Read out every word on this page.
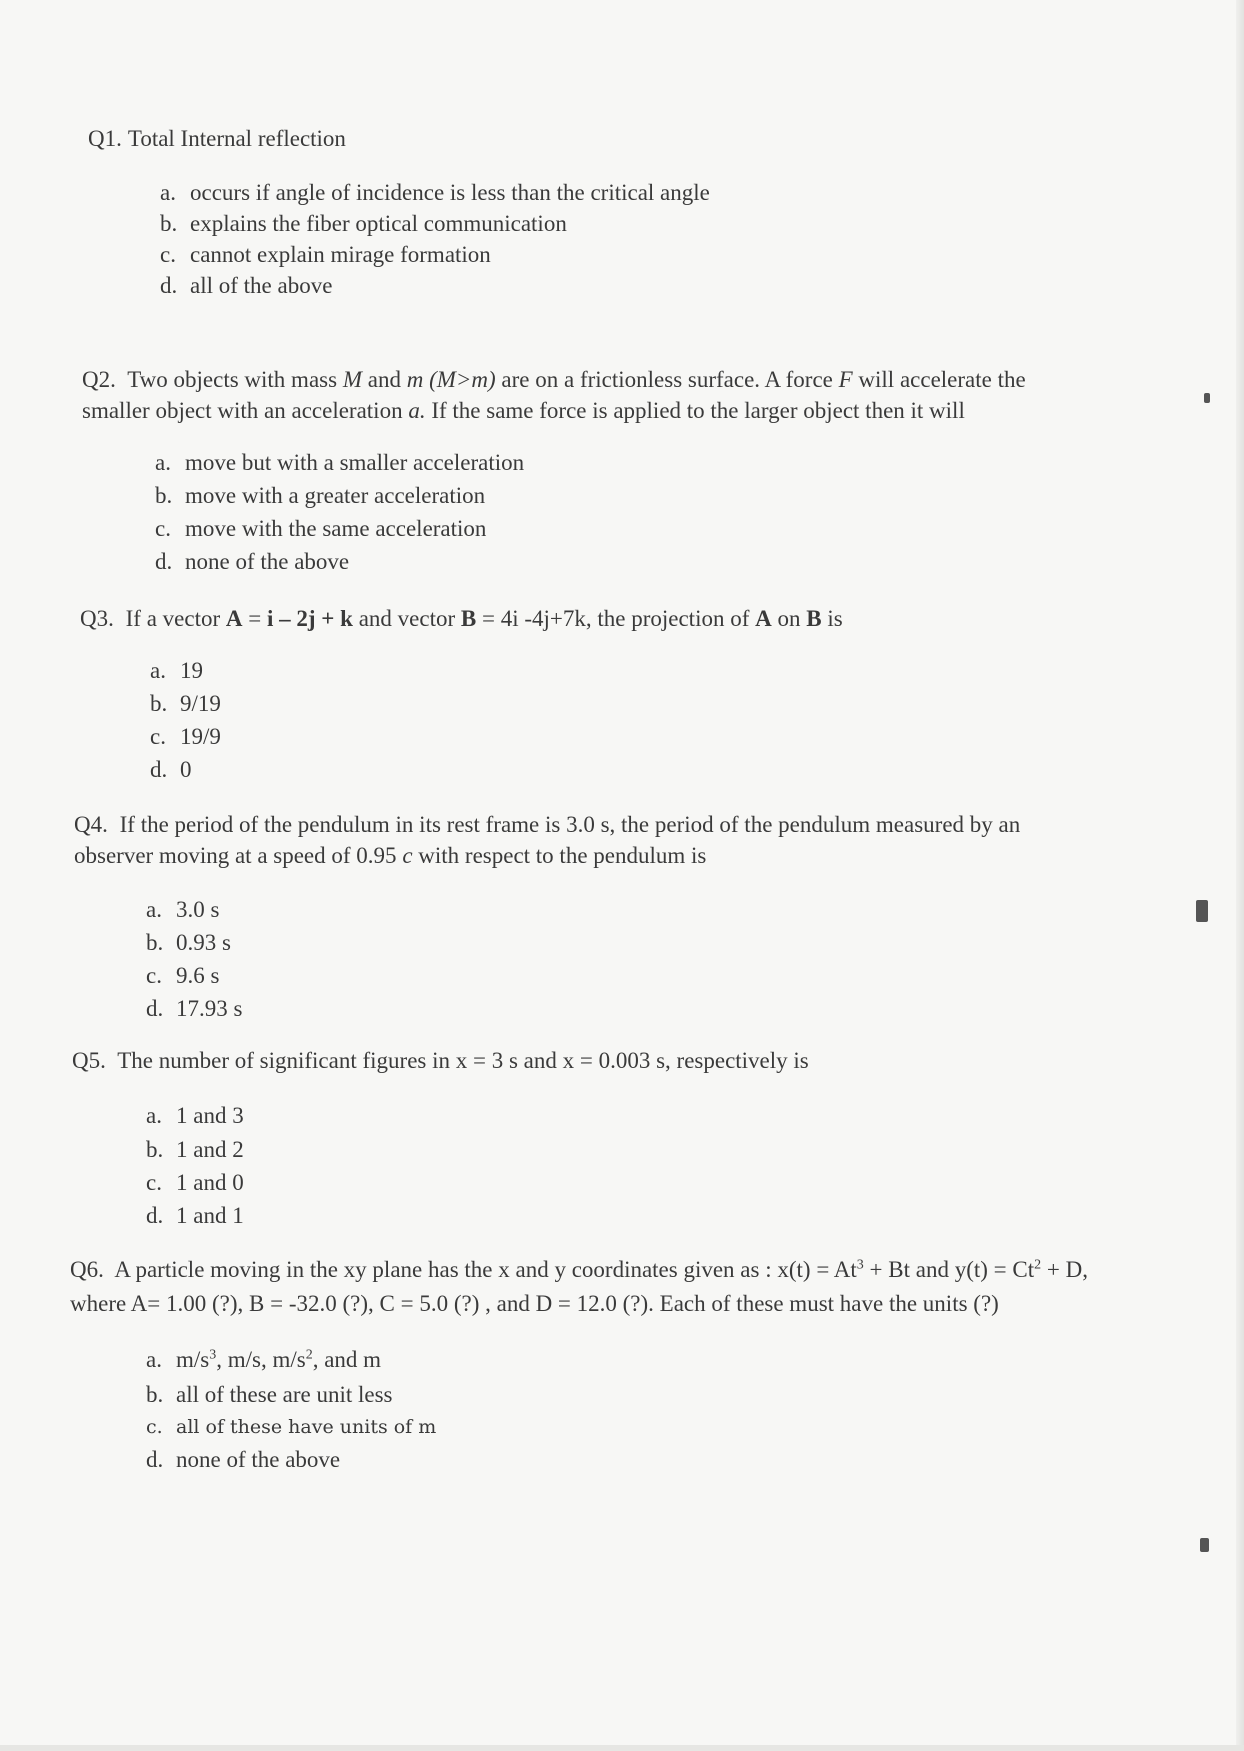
Q1. Total Internal reflection
a. occurs if angle of incidence is less than the critical angle
b. explains the fiber optical communication
c. cannot explain mirage formation
d. all of the above
Q2. Two objects with mass M and m (M>m) are on a frictionless surface. A force F will accelerate the
smaller object with an acceleration a. If the same force is applied to the larger object then it will
a. move but with a smaller acceleration
b. move with a greater acceleration
c. move with the same acceleration
d. none of the above
Q3. If a vector A = i – 2j + k and vector B = 4i -4j+7k, the projection of A on B is
a. 19
b. 9/19
c. 19/9
d. 0
Q4. If the period of the pendulum in its rest frame is 3.0 s, the period of the pendulum measured by an
observer moving at a speed of 0.95 c with respect to the pendulum is
a. 3.0 s
b. 0.93 s
c. 9.6 s
d. 17.93 s
Q5. The number of significant figures in x = 3 s and x = 0.003 s, respectively is
a. 1 and 3
b. 1 and 2
c. 1 and 0
d. 1 and 1
Q6. A particle moving in the xy plane has the x and y coordinates given as : $x(t) = At^3 + Bt$ and $y(t) = Ct^2 + D$,
where A= 1.00 (?), B = -32.0 (?), C = 5.0 (?) , and D = 12.0 (?). Each of these must have the units (?)
a. $m/s^3$, m/s, $m/s^2$, and m
b. all of these are unit less
c. all of these have units of m
d. none of the above
